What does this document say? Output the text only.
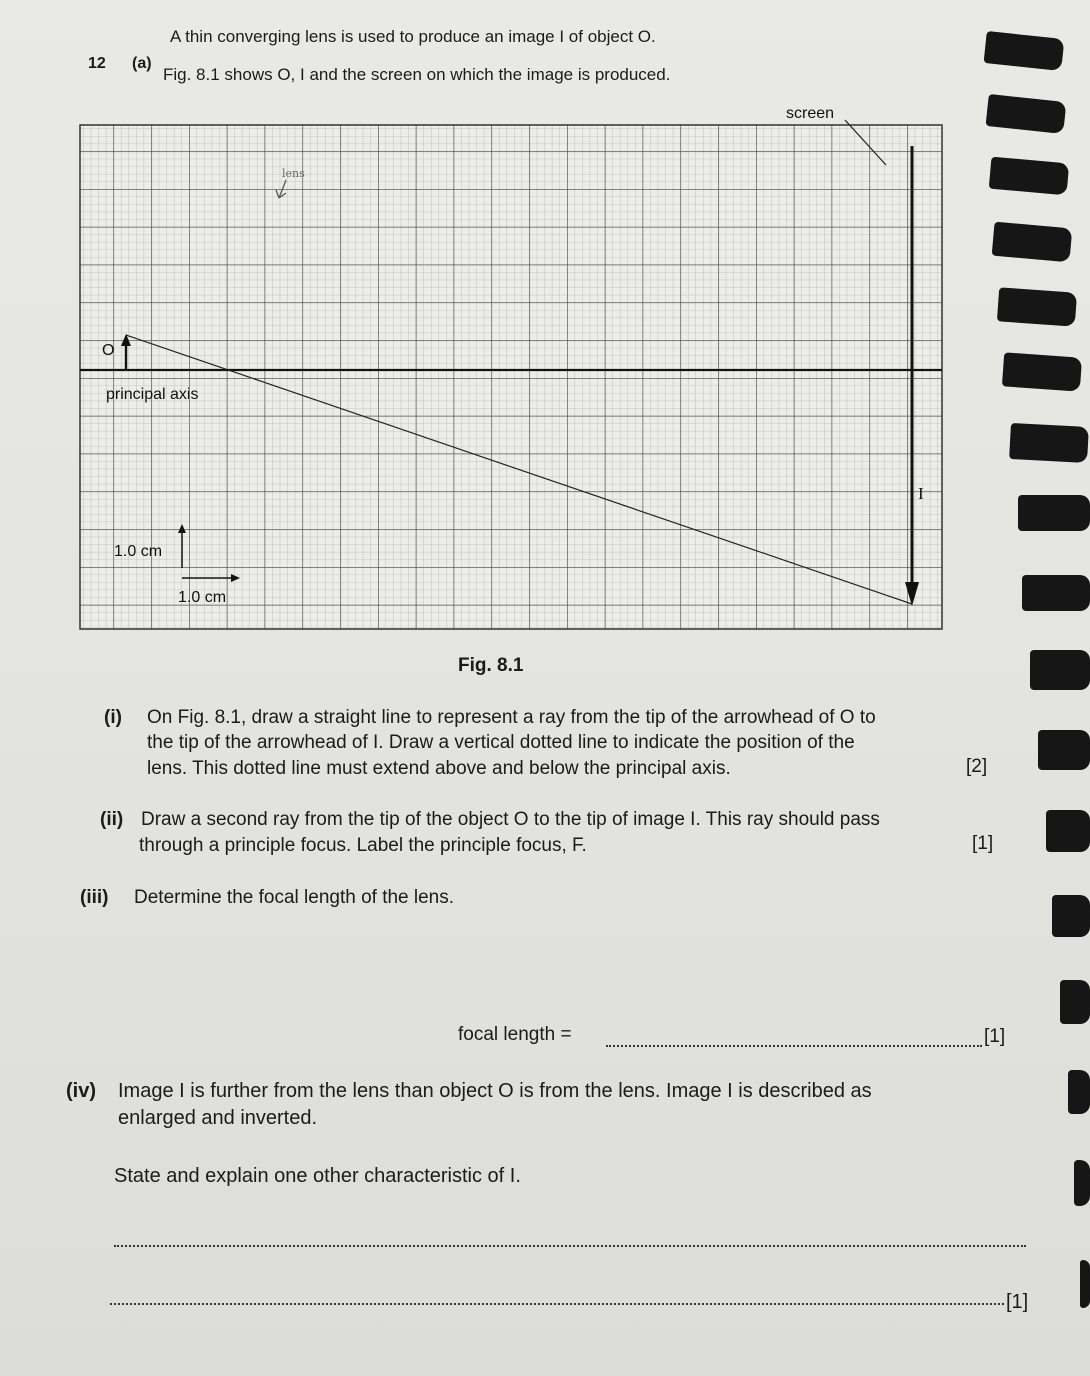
12 (a)
A thin converging lens is used to produce an image I of object O.
Fig. 8.1 shows O, I and the screen on which the image is produced.
screen
O
I
principal axis
1.0 cm
1.0 cm
lens
Fig. 8.1
(i) On Fig. 8.1, draw a straight line to represent a ray from the tip of the arrowhead of O to
the tip of the arrowhead of I. Draw a vertical dotted line to indicate the position of the
lens. This dotted line must extend above and below the principal axis.	[2]
(ii) Draw a second ray from the tip of the object O to the tip of image I. This ray should pass
through a principle focus. Label the principle focus, F.	[1]
(iii) Determine the focal length of the lens.
focal length =	[1]
(iv) Image I is further from the lens than object O is from the lens. Image I is described as
enlarged and inverted.
State and explain one other characteristic of I.
[1]
